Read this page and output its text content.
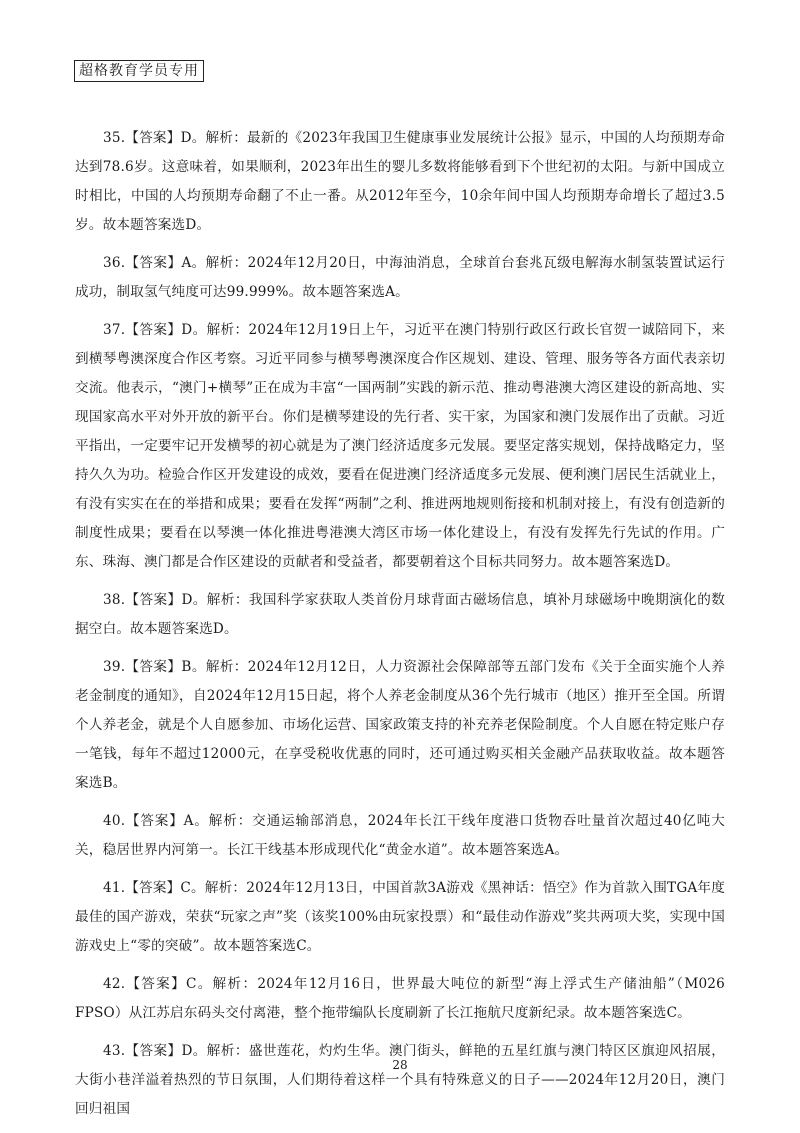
超格教育学员专用

35.【答案】D。解析：最新的《2023年我国卫生健康事业发展统计公报》显示，中国的人均预期寿命达到78.6岁。这意味着，如果顺利，2023年出生的婴儿多数将能够看到下个世纪初的太阳。与新中国成立时相比，中国的人均预期寿命翻了不止一番。从2012年至今，10余年间中国人均预期寿命增长了超过3.5岁。故本题答案选D。

36.【答案】A。解析：2024年12月20日，中海油消息，全球首台套兆瓦级电解海水制氢装置试运行成功，制取氢气纯度可达99.999%。故本题答案选A。

37.【答案】D。解析：2024年12月19日上午，习近平在澳门特别行政区行政长官贺一诚陪同下，来到横琴粤澳深度合作区考察。习近平同参与横琴粤澳深度合作区规划、建设、管理、服务等各方面代表亲切交流。他表示，“澳门+横琴”正在成为丰富“一国两制”实践的新示范、推动粤港澳大湾区建设的新高地、实现国家高水平对外开放的新平台。你们是横琴建设的先行者、实干家，为国家和澳门发展作出了贡献。习近平指出，一定要牢记开发横琴的初心就是为了澳门经济适度多元发展。要坚定落实规划，保持战略定力，坚持久久为功。检验合作区开发建设的成效，要看在促进澳门经济适度多元发展、便利澳门居民生活就业上，有没有实实在在的举措和成果；要看在发挥“两制”之利、推进两地规则衔接和机制对接上，有没有创造新的制度性成果；要看在以琴澳一体化推进粤港澳大湾区市场一体化建设上，有没有发挥先行先试的作用。广东、珠海、澳门都是合作区建设的贡献者和受益者，都要朝着这个目标共同努力。故本题答案选D。

38.【答案】D。解析：我国科学家获取人类首份月球背面古磁场信息，填补月球磁场中晚期演化的数据空白。故本题答案选D。

39.【答案】B。解析：2024年12月12日，人力资源社会保障部等五部门发布《关于全面实施个人养老金制度的通知》，自2024年12月15日起，将个人养老金制度从36个先行城市（地区）推开至全国。所谓个人养老金，就是个人自愿参加、市场化运营、国家政策支持的补充养老保险制度。个人自愿在特定账户存一笔钱，每年不超过12000元，在享受税收优惠的同时，还可通过购买相关金融产品获取收益。故本题答案选B。

40.【答案】A。解析：交通运输部消息，2024年长江干线年度港口货物吞吐量首次超过40亿吨大关，稳居世界内河第一。长江干线基本形成现代化“黄金水道”。故本题答案选A。

41.【答案】C。解析：2024年12月13日，中国首款3A游戏《黑神话：悟空》作为首款入围TGA年度最佳的国产游戏，荣获“玩家之声”奖（该奖100%由玩家投票）和“最佳动作游戏”奖共两项大奖，实现中国游戏史上“零的突破”。故本题答案选C。

42.【答案】C。解析：2024年12月16日，世界最大吨位的新型“海上浮式生产储油船”（M026 FPSO）从江苏启东码头交付离港，整个拖带编队长度刷新了长江拖航尺度新纪录。故本题答案选C。

43.【答案】D。解析：盛世莲花，灼灼生华。澳门街头，鲜艳的五星红旗与澳门特区区旗迎风招展，大街小巷洋溢着热烈的节日氛围，人们期待着这样一个具有特殊意义的日子——2024年12月20日，澳门回归祖国

28
